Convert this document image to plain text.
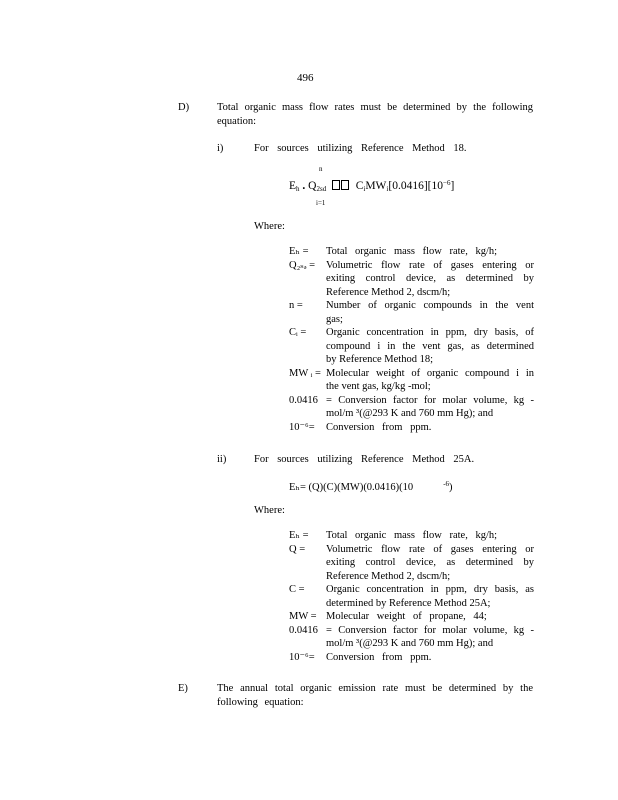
496
D)	Total organic mass flow rates must be determined by the following
equation:
i)	For sources utilizing Reference Method 18.
n
$E_h$ . $Q_{2sd}$	$C_iMW_i[0.0416][10^{-6}]$
i=1
Where:
Eₕ = Total organic mass flow rate, kg/h;
Q₂ₛₔ = Volumetric flow rate of gases entering or
exiting control device, as determined by
Reference Method 2, dscm/h;
n = Number of organic compounds in the vent
gas;
Cᵢ = Organic concentration in ppm, dry basis, of
compound i in the vent gas, as determined
by Reference Method 18;
MW ᵢ = Molecular weight of organic compound i in
the vent gas, kg/kg -mol;
0.0416 = Conversion factor for molar volume, kg -
mol/m ³(@293 K and 760 mm Hg); and
10⁻⁶= Conversion from ppm.
ii)	For sources utilizing Reference Method 25A.
Eₕ= (Q)(C)(MW)(0.0416)(10	$^{-6}$)
Where:
Eₕ = Total organic mass flow rate, kg/h;
Q = Volumetric flow rate of gases entering or
exiting control device, as determined by
Reference Method 2, dscm/h;
C = Organic concentration in ppm, dry basis, as
determined by Reference Method 25A;
MW = Molecular weight of propane, 44;
0.0416 = Conversion factor for molar volume, kg -
mol/m ³(@293 K and 760 mm Hg); and
10⁻⁶= Conversion from ppm.
E)	The annual total organic emission rate must be determined by the
following equation:
